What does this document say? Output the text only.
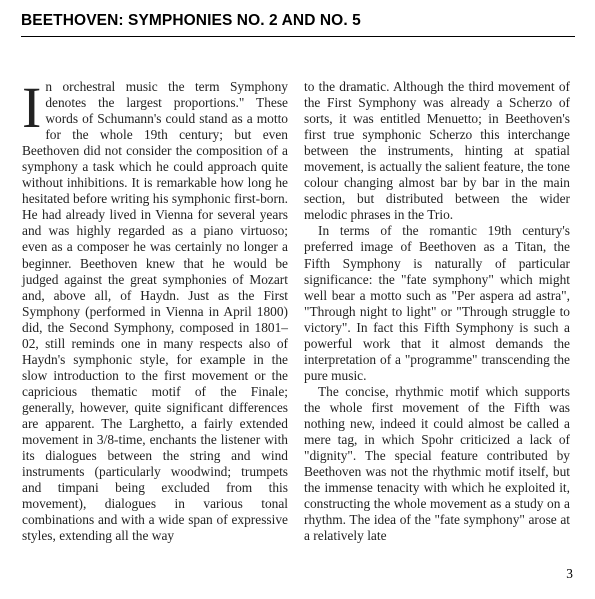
BEETHOVEN: SYMPHONIES NO. 2 AND NO. 5

In orchestral music the term Symphony denotes the largest proportions." These words of Schumann's could stand as a motto for the whole 19th century; but even Beethoven did not consider the composition of a symphony a task which he could approach quite without inhibitions. It is remarkable how long he hesitated before writing his symphonic first-born. He had already lived in Vienna for several years and was highly regarded as a piano virtuoso; even as a composer he was certainly no longer a beginner. Beethoven knew that he would be judged against the great symphonies of Mozart and, above all, of Haydn. Just as the First Symphony (performed in Vienna in April 1800) did, the Second Symphony, composed in 1801–02, still reminds one in many respects also of Haydn's symphonic style, for example in the slow introduction to the first movement or the capricious thematic motif of the Finale; generally, however, quite significant differences are apparent. The Larghetto, a fairly extended movement in 3/8-time, enchants the listener with its dialogues between the string and wind instruments (particularly woodwind; trumpets and timpani being excluded from this movement), dialogues in various tonal combinations and with a wide span of expressive styles, extending all the way

to the dramatic. Although the third movement of the First Symphony was already a Scherzo of sorts, it was entitled Menuetto; in Beethoven's first true symphonic Scherzo this interchange between the instruments, hinting at spatial movement, is actually the salient feature, the tone colour changing almost bar by bar in the main section, but distributed between the wider melodic phrases in the Trio.

In terms of the romantic 19th century's preferred image of Beethoven as a Titan, the Fifth Symphony is naturally of particular significance: the "fate symphony" which might well bear a motto such as "Per aspera ad astra", "Through night to light" or "Through struggle to victory". In fact this Fifth Symphony is such a powerful work that it almost demands the interpretation of a "programme" transcending the pure music.

The concise, rhythmic motif which supports the whole first movement of the Fifth was nothing new, indeed it could almost be called a mere tag, in which Spohr criticized a lack of "dignity". The special feature contributed by Beethoven was not the rhythmic motif itself, but the immense tenacity with which he exploited it, constructing the whole movement as a study on a rhythm. The idea of the "fate symphony" arose at a relatively late

3
